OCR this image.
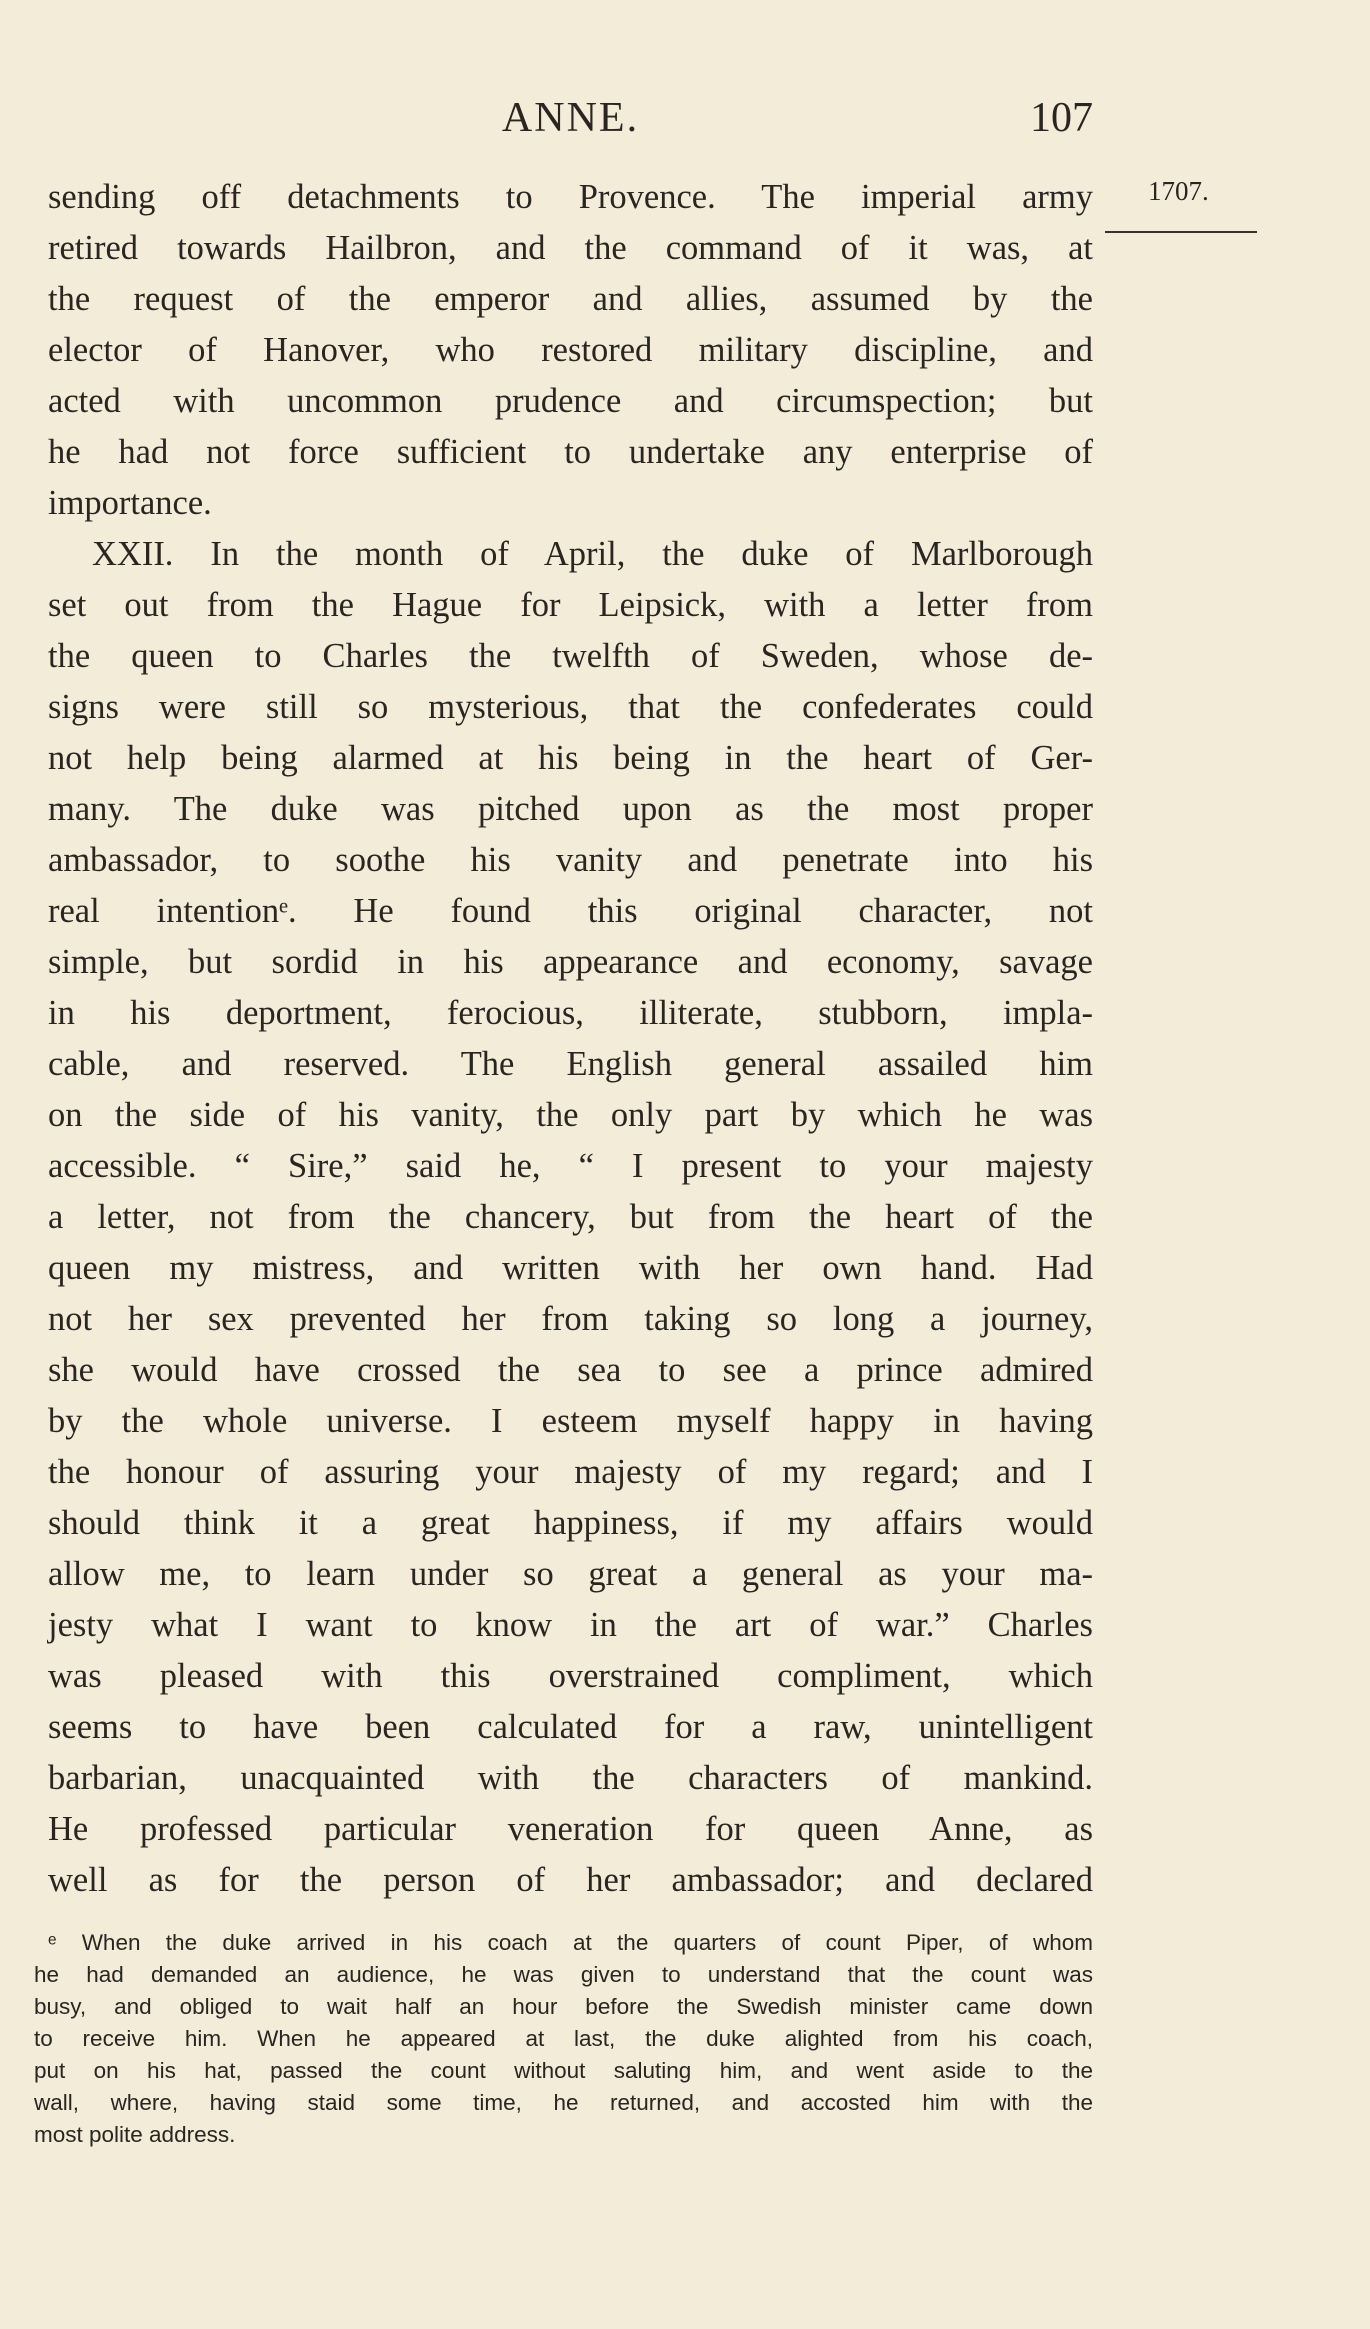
ANNE.	107
1707.
sending off detachments to Provence. The imperial army
retired towards Hailbron, and the command of it was, at
the request of the emperor and allies, assumed by the
elector of Hanover, who restored military discipline, and
acted with uncommon prudence and circumspection; but
he had not force sufficient to undertake any enterprise of
importance.
XXII. In the month of April, the duke of Marlborough
set out from the Hague for Leipsick, with a letter from
the queen to Charles the twelfth of Sweden, whose de-
signs were still so mysterious, that the confederates could
not help being alarmed at his being in the heart of Ger-
many. The duke was pitched upon as the most proper
ambassador, to soothe his vanity and penetrate into his
real intentionᵉ. He found this original character, not
simple, but sordid in his appearance and economy, savage
in his deportment, ferocious, illiterate, stubborn, impla-
cable, and reserved. The English general assailed him
on the side of his vanity, the only part by which he was
accessible. “ Sire,” said he, “ I present to your majesty
a letter, not from the chancery, but from the heart of the
queen my mistress, and written with her own hand. Had
not her sex prevented her from taking so long a journey,
she would have crossed the sea to see a prince admired
by the whole universe. I esteem myself happy in having
the honour of assuring your majesty of my regard; and I
should think it a great happiness, if my affairs would
allow me, to learn under so great a general as your ma-
jesty what I want to know in the art of war.” Charles
was pleased with this overstrained compliment, which
seems to have been calculated for a raw, unintelligent
barbarian, unacquainted with the characters of mankind.
He professed particular veneration for queen Anne, as
well as for the person of her ambassador; and declared
ᵉ When the duke arrived in his coach at the quarters of count Piper, of whom
he had demanded an audience, he was given to understand that the count was
busy, and obliged to wait half an hour before the Swedish minister came down
to receive him. When he appeared at last, the duke alighted from his coach,
put on his hat, passed the count without saluting him, and went aside to the
wall, where, having staid some time, he returned, and accosted him with the
most polite address.
